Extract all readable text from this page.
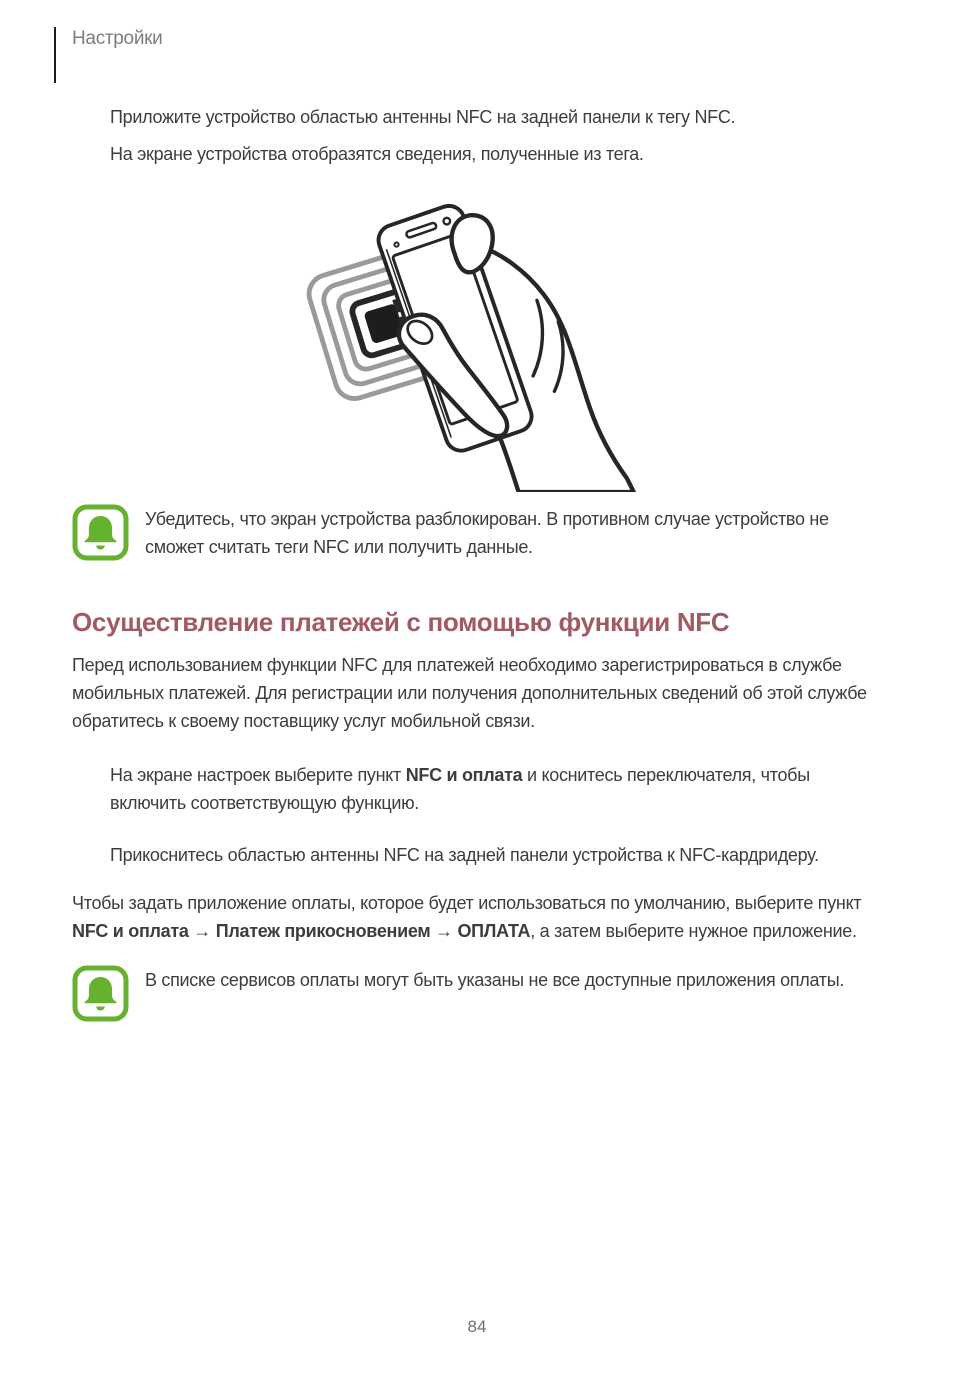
Настройки

Приложите устройство областью антенны NFC на задней панели к тегу NFC.

На экране устройства отобразятся сведения, полученные из тега.

Убедитесь, что экран устройства разблокирован. В противном случае устройство не сможет считать теги NFC или получить данные.

Осуществление платежей с помощью функции NFC

Перед использованием функции NFC для платежей необходимо зарегистрироваться в службе мобильных платежей. Для регистрации или получения дополнительных сведений об этой службе обратитесь к своему поставщику услуг мобильной связи.

На экране настроек выберите пункт NFC и оплата и коснитесь переключателя, чтобы включить соответствующую функцию.

Прикоснитесь областью антенны NFC на задней панели устройства к NFC-кардридеру.

Чтобы задать приложение оплаты, которое будет использоваться по умолчанию, выберите пункт NFC и оплата → Платеж прикосновением → ОПЛАТА, а затем выберите нужное приложение.

В списке сервисов оплаты могут быть указаны не все доступные приложения оплаты.

84
